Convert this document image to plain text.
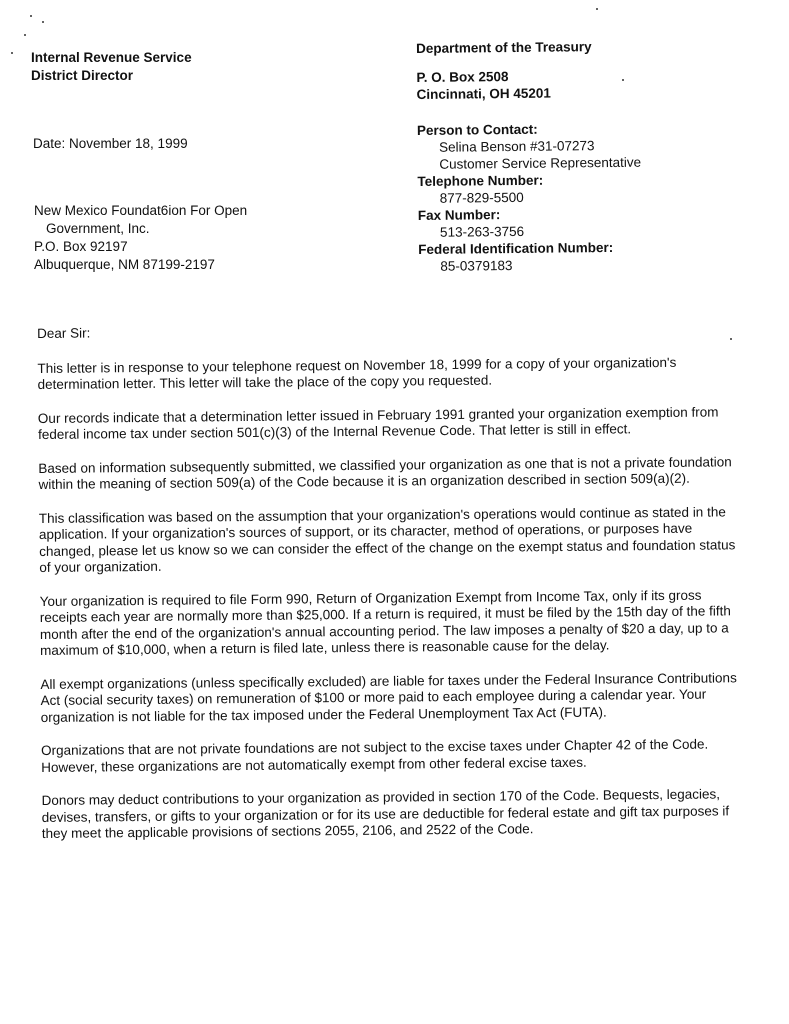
Internal Revenue Service
District Director
Department of the Treasury
P. O. Box 2508
Cincinnati, OH 45201
Person to Contact:
Selina Benson #31-07273
Customer Service Representative
Telephone Number:
877-829-5500
Fax Number:
513-263-3756
Federal Identification Number:
85-0379183
Date: November 18, 1999
New Mexico Foundat6ion For Open
Government, Inc.
P.O. Box 92197
Albuquerque, NM 87199-2197
Dear Sir:

This letter is in response to your telephone request on November 18, 1999 for a copy of your organization's determination letter. This letter will take the place of the copy you requested.

Our records indicate that a determination letter issued in February 1991 granted your organization exemption from federal income tax under section 501(c)(3) of the Internal Revenue Code. That letter is still in effect.

Based on information subsequently submitted, we classified your organization as one that is not a private foundation within the meaning of section 509(a) of the Code because it is an organization described in section 509(a)(2).

This classification was based on the assumption that your organization's operations would continue as stated in the application. If your organization's sources of support, or its character, method of operations, or purposes have changed, please let us know so we can consider the effect of the change on the exempt status and foundation status of your organization.

Your organization is required to file Form 990, Return of Organization Exempt from Income Tax, only if its gross receipts each year are normally more than $25,000. If a return is required, it must be filed by the 15th day of the fifth month after the end of the organization's annual accounting period. The law imposes a penalty of $20 a day, up to a maximum of $10,000, when a return is filed late, unless there is reasonable cause for the delay.

All exempt organizations (unless specifically excluded) are liable for taxes under the Federal Insurance Contributions Act (social security taxes) on remuneration of $100 or more paid to each employee during a calendar year. Your organization is not liable for the tax imposed under the Federal Unemployment Tax Act (FUTA).

Organizations that are not private foundations are not subject to the excise taxes under Chapter 42 of the Code. However, these organizations are not automatically exempt from other federal excise taxes.

Donors may deduct contributions to your organization as provided in section 170 of the Code. Bequests, legacies, devises, transfers, or gifts to your organization or for its use are deductible for federal estate and gift tax purposes if they meet the applicable provisions of sections 2055, 2106, and 2522 of the Code.
